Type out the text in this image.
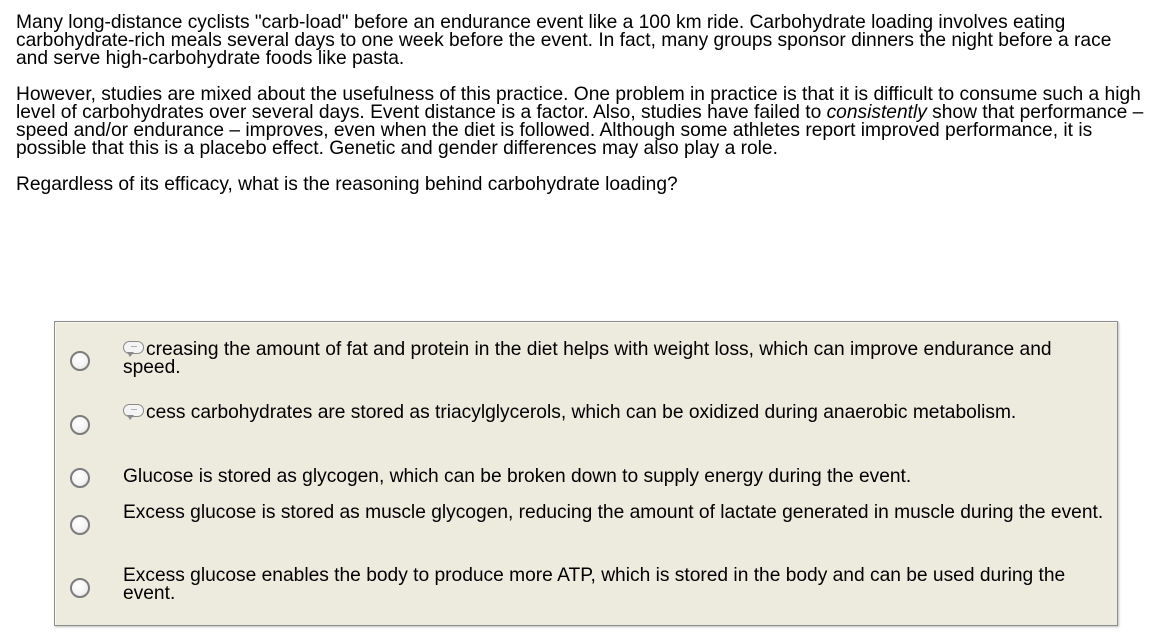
Many long-distance cyclists "carb-load" before an endurance event like a 100 km ride. Carbohydrate loading involves eating carbohydrate-rich meals several days to one week before the event. In fact, many groups sponsor dinners the night before a race and serve high-carbohydrate foods like pasta.

However, studies are mixed about the usefulness of this practice. One problem in practice is that it is difficult to consume such a high level of carbohydrates over several days. Event distance is a factor. Also, studies have failed to consistently show that performance – speed and/or endurance – improves, even when the diet is followed. Although some athletes report improved performance, it is possible that this is a placebo effect. Genetic and gender differences may also play a role.

Regardless of its efficacy, what is the reasoning behind carbohydrate loading?

··· creasing the amount of fat and protein in the diet helps with weight loss, which can improve endurance and speed.
··· cess carbohydrates are stored as triacylglycerols, which can be oxidized during anaerobic metabolism.
Glucose is stored as glycogen, which can be broken down to supply energy during the event.
Excess glucose is stored as muscle glycogen, reducing the amount of lactate generated in muscle during the event.
Excess glucose enables the body to produce more ATP, which is stored in the body and can be used during the event.
